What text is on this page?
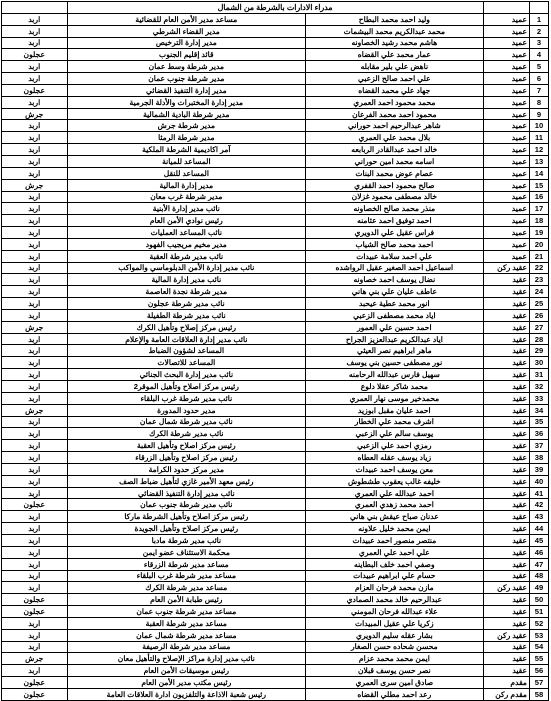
		مدراء الادارات بالشرطة من الشمال		
1	عميد	وليد احمد محمد البطاح	مساعد مدير الأمن العام للقضائية	اربد
2	عميد	محمد عبدالكريم محمد البيشمات	مدير القضاء الشرطي	اربد
3	عميد	هاشم محمد رشيد الخصاونه	مدير إدارة الترخيص	اربد
4	عميد	عمار محمد علي القضاه	قائد إقليم الجنوب	عجلون
5	عميد	ناهض علي بلير مقابله	مدير شرطة وسط عمان	اربد
6	عميد	علي احمد صالح الزعبي	مدير شرطة جنوب عمان	اربد
7	عميد	جهاد علي محمد القضاه	مدير إدارة التنفيذ القضائي	عجلون
8	عميد	محمد محمود احمد العمري	مدير إدارة المختبرات والأدلة الجرمية	اربد
9	عميد	محمود احمد محمد الفرعان	مدير شرطة البادية الشمالية	جرش
10	عميد	شاهر عبدالرحيم احمد حوراني	مدير شرطة جرش	اربد
11	عميد	بلال محمد علي العمري	مدير شرطة الرمثا	اربد
12	عميد	خالد احمد عبدالقادر الربابعه	آمر اكاديمية الشرطة الملكية	اربد
13	عميد	اسامه محمد امين حوراني	المساعد للميانة	اربد
14	عميد	عصام عوض محمد البنات	المساعد للنقل	اربد
15	عميد	صالح محمود احمد القفري	مدير إدارة المالية	جرش
16	عميد	خالد مصطفى محمود غزلان	مدير شرطة غرب معان	اربد
17	عميد	منذر محمد صالح الخصاونه	نائب مدير إدارة الأبنية	اربد
18	عميد	احمد توفيق احمد عثامنه	رئيس نوادي الأمن العام	اربد
19	عميد	فراس عقيل علي الدويري	نائب المساعد العمليات	اربد
20	عميد	احمد محمد صالح الشياب	مدير مخيم مريجيب الفهود	اربد
21	عميد	علي احمد سلامة عبيدات	نائب مدير شرطة العقبة	اربد
22	عقيد ركن	اسماعيل احمد الصغير عقيل الرواشده	نائب مدير إدارة الأمن الدبلوماسي والمواكب	اربد
23	عقيد	نضال يوسف احمد خصاونه	نائب مدير إدارة المالية	اربد
24	عقيد	عاطف عليان علي بني هاني	مدير شرطة نجدة العاصمة	اربد
25	عقيد	انور محمد عطية عيحبد	نائب مدير شرطة عجلون	اربد
26	عقيد	اياد محمد مصطفى الزعبي	نائب مدير شرطة الطفيلة	اربد
27	عقيد	احمد حسين علي العمور	رئيس مركز إصلاح وتأهيل الكرك	جرش
28	عقيد	اياد عبدالكريم عبدالعزيز الجراح	نائب مدير إدارة العلاقات العامة والإعلام	اربد
29	عقيد	ماهر ابراهيم نصر العيثي	المساعد لشؤون الضباط	اربد
30	عقيد	نور مصطفى حسين بني يوسف	المساعد للاتصالات	اربد
31	عقيد	سهيل فارس عبدالله الرحامنه	نائب مدير إدارة البحث الجنائي	اربد
32	عقيد	محمد شاكر عقلا دلوع	رئيس مركز اصلاح وتأهيل الموقر2	اربد
33	عقيد	محمدخير موسى نهار العمري	نائب مدير شرطة غرب البلقاء	اربد
34	عقيد	احمد عليان مقبل ابوزيد	مدير حدود المدورة	جرش
35	عقيد	اشرف محمد علي الخطار	نائب مدير شرطة شمال عمان	اربد
36	عقيد	يوسف سالم علي الزعبي	نائب مدير شرطة الكرك	اربد
37	عقيد	رمزي احمد علي الزعبي	رئيس مركز اصلاح وتأهيل العقبة	اربد
38	عقيد	زياد يوسف عقله العطاه	رئيس مركز اصلاح وتأهيل الزرقاء	اربد
39	عقيد	معن يوسف احمد عبيدات	مدير مركز حدود الكرامة	اربد
40	عقيد	خليفه غالب يعقوب طشطوش	رئيس معهد الأمير غازي لتأهيل ضباط الصف	اربد
41	عقيد	احمد عبدالله علي العمري	نائب مدير إدارة التنفيذ القضائي	اربد
42	عقيد	احمد محمد زهدي العمري	نائب مدير شرطة جنوب عمان	عجلون
43	عقيد	عدنان صباح عيقش بني هاني	رئيس مركز اصلاح وتأهيل الشرطة ماركا	اربد
44	عقيد	ايمن محمد خليل علاونه	رئيس مركز اصلاح وتأهيل الجويدة	اربد
45	عقيد	منتصر منصور احمد عبيدات	نائب مدير شرطة مادبا	اربد
46	عقيد	علي احمد علي العمري	محكمة الاستئناف عضو ايمن	اربد
47	عقيد	وصفي احمد خلف البطاينه	مساعد مدير شرطة الزرقاء	اربد
48	عقيد	حسام علي ابراهيم عبيدات	مساعد مدير شرطة غرب البلقاء	اربد
49	عقيد ركن	مازن محمد فرحان العزام	مساعد مدير شرطة الكرك	اربد
50	عقيد	عبدالرحيم خالد محمد الصمادي	رئيس طبابة الأمن العام	عجلون
51	عقيد	علاء عبدالله فرحان المومني	مساعد مدير شرطة جنوب عمان	عجلون
52	عقيد	زكريا علي عقيل المبيدات	مساعد مدير شرطة العقبة	اربد
53	عقيد ركن	بشار عقله سليم الدويري	مساعد مدير شرطة شمال عمان	اربد
54	عقيد	محسن شحاده حسن الصغار	مساعد مدير شرطة الرصيفة	اربد
55	عقيد	ايمن محمد محمد عزام	نائب مدير إدارة مراكز الإصلاح والتأهيل معان	جرش
56	عقيد	نصر حسن يوسف قبلان	رئيس موسيقات الأمن العام	اربد
57	مقدم	صادق امين سرى العمري	رئيس مكتب مدير الأمن العام	عجلون
58	مقدم ركن	رعد احمد مطلي القضاه	رئيس شعبة الاذاعة والتلفزيون ادارة العلاقات العامة	عجلون
